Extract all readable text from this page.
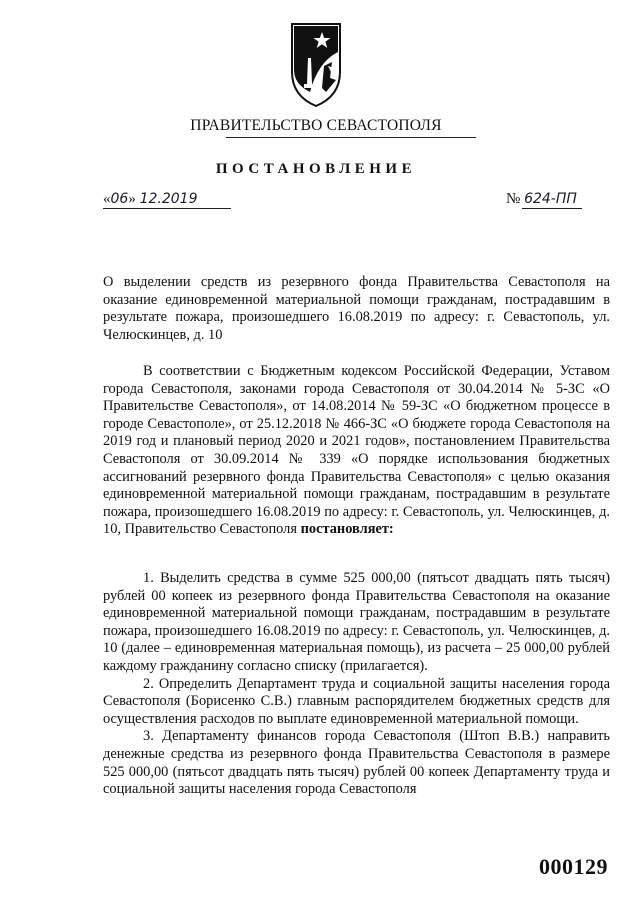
ПРАВИТЕЛЬСТВО СЕВАСТОПОЛЯ
ПОСТАНОВЛЕНИЕ
«06» 12.2019	№ 624-ПП

О выделении средств из резервного фонда Правительства Севастополя на оказание единовременной материальной помощи гражданам, пострадавшим в результате пожара, произошедшего 16.08.2019 по адресу: г. Севастополь, ул. Челюскинцев, д. 10

В соответствии с Бюджетным кодексом Российской Федерации, Уставом города Севастополя, законами города Севастополя от 30.04.2014 № 5-ЗС «О Правительстве Севастополя», от 14.08.2014 № 59-ЗС «О бюджетном процессе в городе Севастополе», от 25.12.2018 № 466-ЗС «О бюджете города Севастополя на 2019 год и плановый период 2020 и 2021 годов», постановлением Правительства Севастополя от 30.09.2014 № 339 «О порядке использования бюджетных ассигнований резервного фонда Правительства Севастополя» с целью оказания единовременной материальной помощи гражданам, пострадавшим в результате пожара, произошедшего 16.08.2019 по адресу: г. Севастополь, ул. Челюскинцев, д. 10, Правительство Севастополя постановляет:

1. Выделить средства в сумме 525 000,00 (пятьсот двадцать пять тысяч) рублей 00 копеек из резервного фонда Правительства Севастополя на оказание единовременной материальной помощи гражданам, пострадавшим в результате пожара, произошедшего 16.08.2019 по адресу: г. Севастополь, ул. Челюскинцев, д. 10 (далее – единовременная материальная помощь), из расчета – 25 000,00 рублей каждому гражданину согласно списку (прилагается).

2. Определить Департамент труда и социальной защиты населения города Севастополя (Борисенко С.В.) главным распорядителем бюджетных средств для осуществления расходов по выплате единовременной материальной помощи.

3. Департаменту финансов города Севастополя (Штоп В.В.) направить денежные средства из резервного фонда Правительства Севастополя в размере 525 000,00 (пятьсот двадцать пять тысяч) рублей 00 копеек Департаменту труда и социальной защиты населения города Севастополя

000129
